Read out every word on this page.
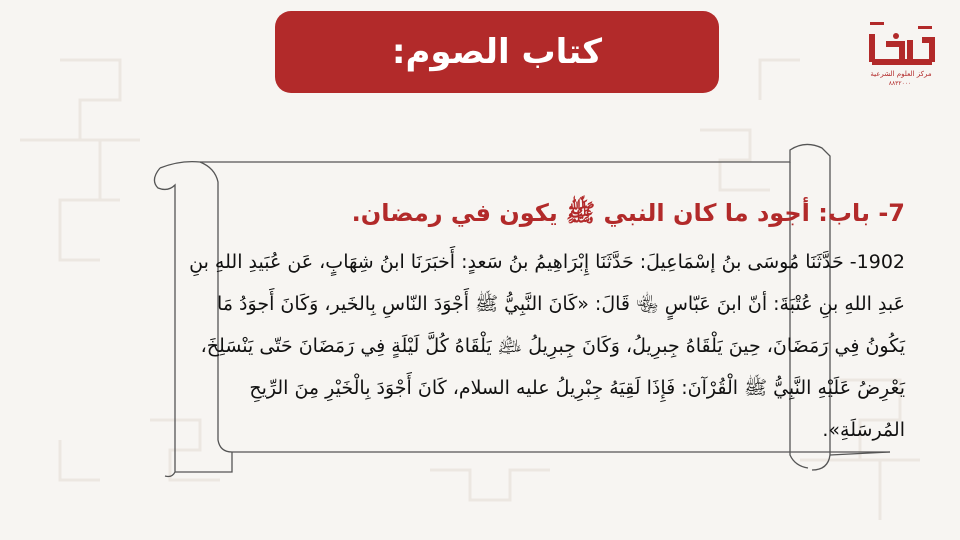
كتاب الصوم:
مركز العلوم الشرعية
٨٨٣٢٠٠٠

7- باب: أجود ما كان النبي ﷺ يكون في رمضان.

1902- حَدَّثَنَا مُوسَى بنُ إسْمَاعِيلَ: حَدَّثَنَا إِبْرَاهِيمُ بنُ سَعدٍ: أَخبَرَنَا ابنُ شِهَابٍ، عَن عُبَيدِ اللهِ بنِ عَبدِ اللهِ بنِ عُتْبَةَ: أنّ ابنَ عَبّاسٍ ﵄ قَالَ: «كَانَ النَّبِيُّ ﷺ أَجْوَدَ النّاسِ بِالخَير، وَكَانَ أَجوَدُ مَا يَكُونُ فِي رَمَضَانَ، حِينَ يَلْقَاهُ جِبرِيلُ، وَكَانَ جِبرِيلُ ﵇ يَلْقَاهُ كُلَّ لَيْلَةٍ فِي رَمَضَانَ حَتّى يَنْسَلِخَ، يَعْرِضُ عَلَيْهِ النَّبِيُّ ﷺ الْقُرْآنَ: فَإِذَا لَقِيَهُ جِبْرِيلُ عليه السلام، كَانَ أَجْوَدَ بِالْخَيْرِ مِنَ الرِّيحِ المُرسَلَةِ».
